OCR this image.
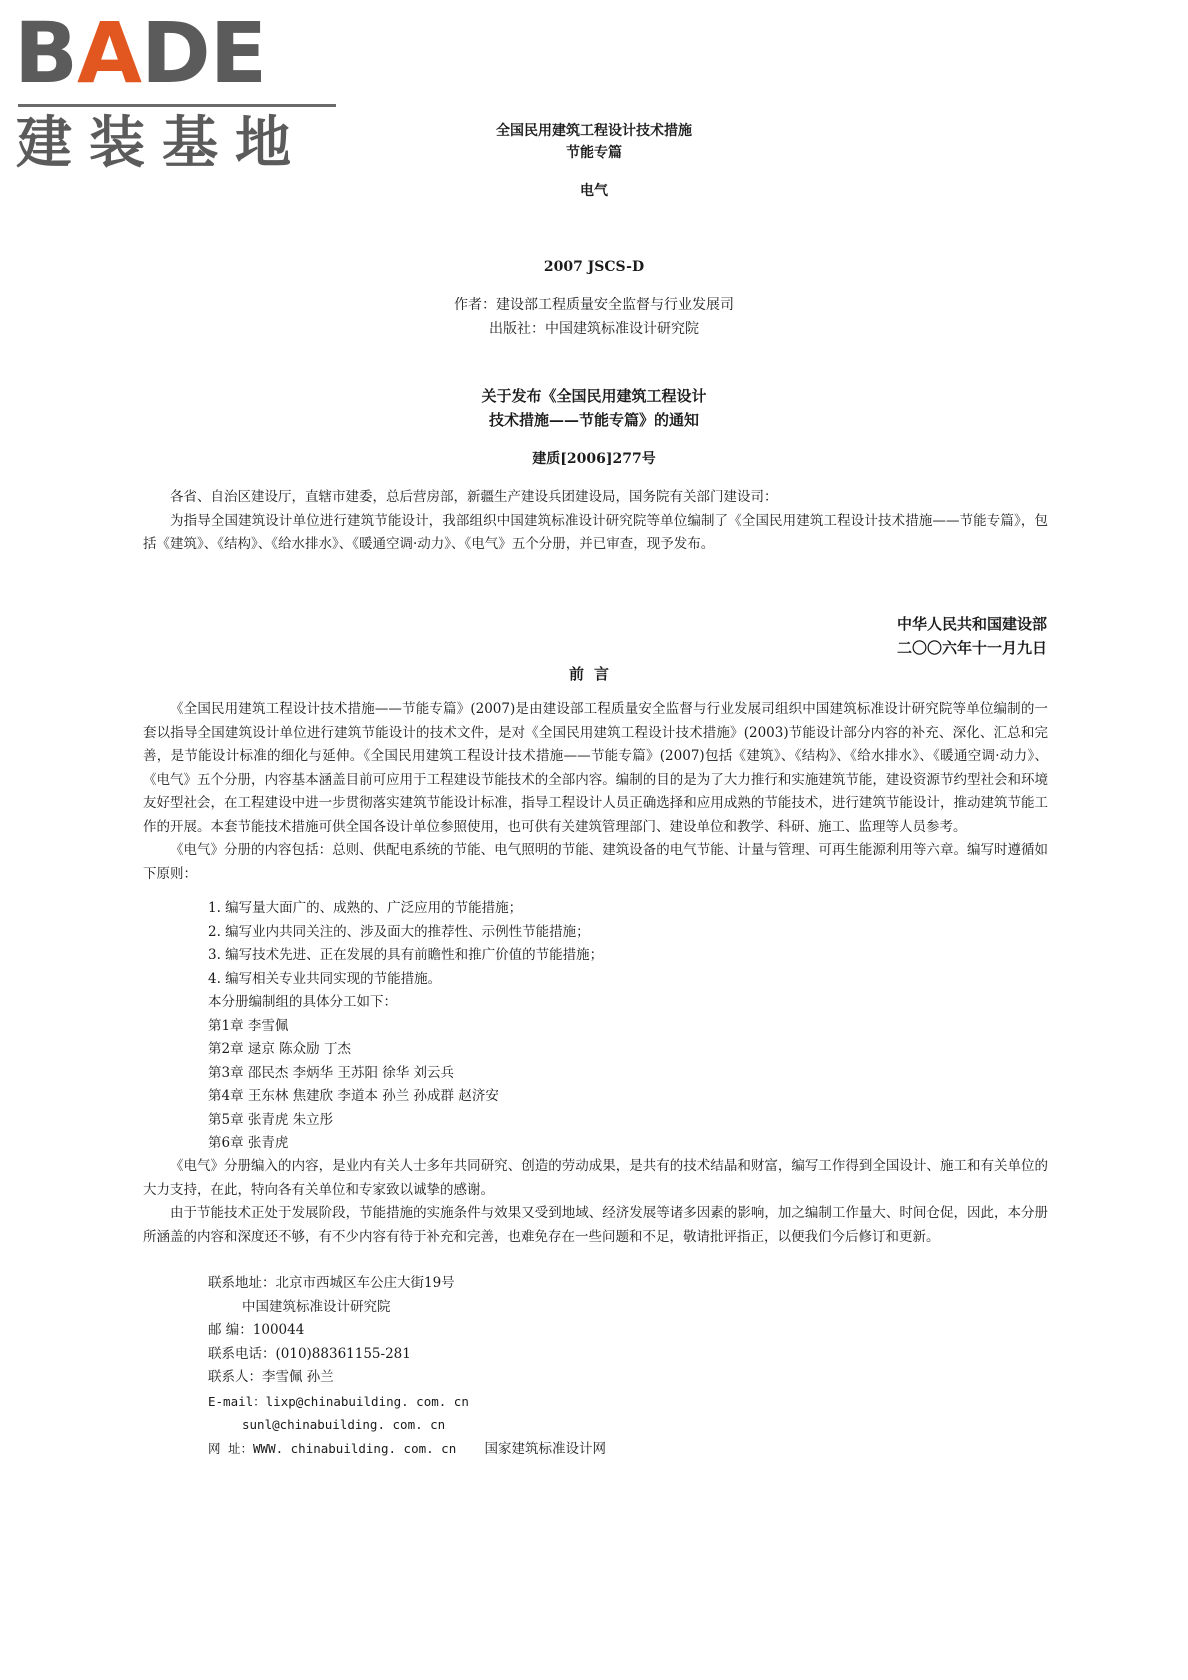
BADE
建装基地	全国民用建筑工程设计技术措施
节能专篇
电气
2007 JSCS-D
作者：建设部工程质量安全监督与行业发展司
出版社：中国建筑标准设计研究院
关于发布《全国民用建筑工程设计
技术措施——节能专篇》的通知
建质[2006]277号

各省、自治区建设厅，直辖市建委，总后营房部，新疆生产建设兵团建设局，国务院有关部门建设司：

为指导全国建筑设计单位进行建筑节能设计，我部组织中国建筑标准设计研究院等单位编制了《全国民用建筑工程设计技术措施——节能专篇》，包括《建筑》、《结构》、《给水排水》、《暖通空调·动力》、《电气》五个分册，并已审查，现予发布。

中华人民共和国建设部
二〇〇六年十一月九日
前言

《全国民用建筑工程设计技术措施——节能专篇》(2007)是由建设部工程质量安全监督与行业发展司组织中国建筑标准设计研究院等单位编制的一套以指导全国建筑设计单位进行建筑节能设计的技术文件，是对《全国民用建筑工程设计技术措施》(2003)节能设计部分内容的补充、深化、汇总和完善，是节能设计标准的细化与延伸。《全国民用建筑工程设计技术措施——节能专篇》(2007)包括《建筑》、《结构》、《给水排水》、《暖通空调·动力》、《电气》五个分册，内容基本涵盖目前可应用于工程建设节能技术的全部内容。编制的目的是为了大力推行和实施建筑节能，建设资源节约型社会和环境友好型社会，在工程建设中进一步贯彻落实建筑节能设计标准，指导工程设计人员正确选择和应用成熟的节能技术，进行建筑节能设计，推动建筑节能工作的开展。本套节能技术措施可供全国各设计单位参照使用，也可供有关建筑管理部门、建设单位和教学、科研、施工、监理等人员参考。

《电气》分册的内容包括：总则、供配电系统的节能、电气照明的节能、建筑设备的电气节能、计量与管理、可再生能源利用等六章。编写时遵循如下原则：

1. 编写量大面广的、成熟的、广泛应用的节能措施；
2. 编写业内共同关注的、涉及面大的推荐性、示例性节能措施；
3. 编写技术先进、正在发展的具有前瞻性和推广价值的节能措施；
4. 编写相关专业共同实现的节能措施。
本分册编制组的具体分工如下：
第1章 李雪佩
第2章 逯京 陈众励 丁杰
第3章 邵民杰 李炳华 王苏阳 徐华 刘云兵
第4章 王东林 焦建欣 李道本 孙兰 孙成群 赵济安
第5章 张青虎 朱立彤
第6章 张青虎

《电气》分册编入的内容，是业内有关人士多年共同研究、创造的劳动成果，是共有的技术结晶和财富，编写工作得到全国设计、施工和有关单位的大力支持，在此，特向各有关单位和专家致以诚挚的感谢。

由于节能技术正处于发展阶段，节能措施的实施条件与效果又受到地域、经济发展等诸多因素的影响，加之编制工作量大、时间仓促，因此，本分册所涵盖的内容和深度还不够，有不少内容有待于补充和完善，也难免存在一些问题和不足，敬请批评指正，以便我们今后修订和更新。

联系地址：北京市西城区车公庄大街19号
中国建筑标准设计研究院
邮 编：100044
联系电话：(010)88361155-281
联系人：李雪佩 孙兰
E-mail：lixp@chinabuilding. com. cn
sunl@chinabuilding. com. cn
网 址：WWW. chinabuilding. com. cn 国家建筑标准设计网
